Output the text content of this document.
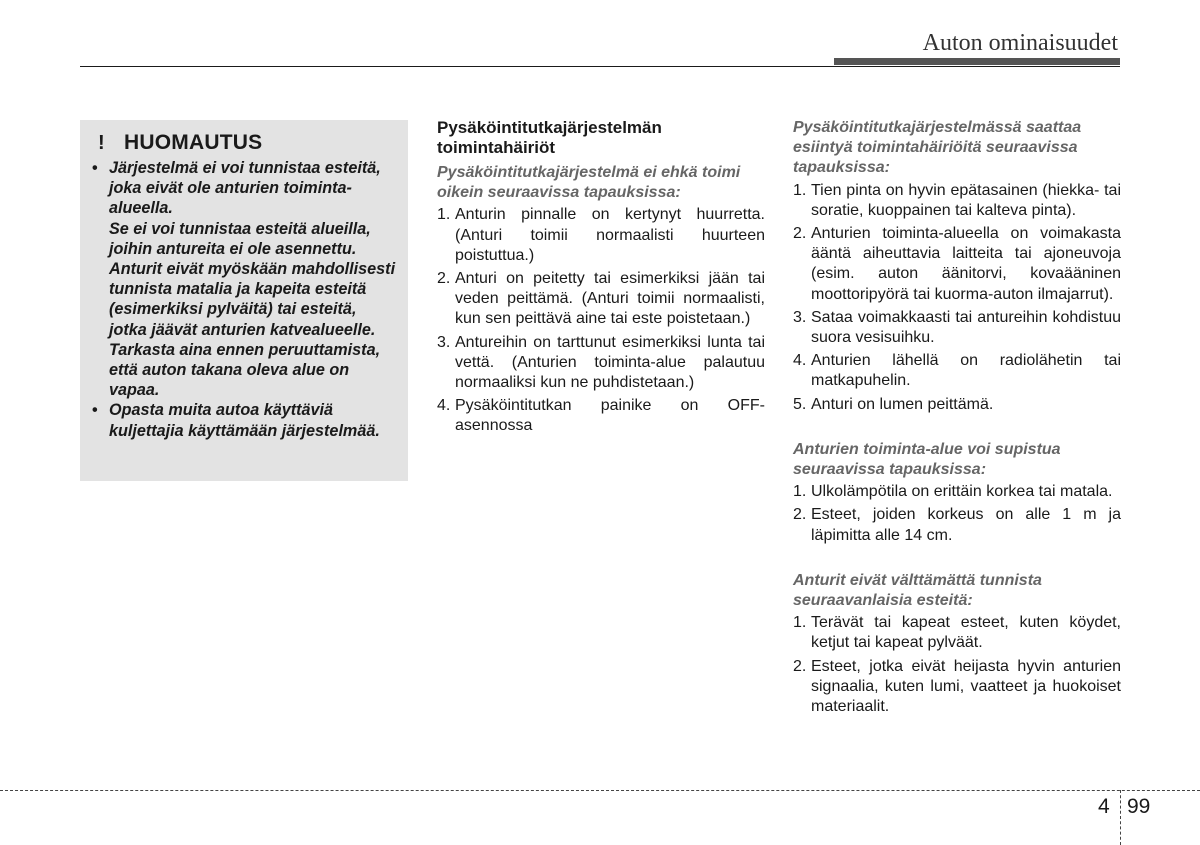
Auton ominaisuudet
! HUOMAUTUS
• Järjestelmä ei voi tunnistaa esteitä, joka eivät ole anturien toiminta-alueella.

Se ei voi tunnistaa esteitä alueilla, joihin antureita ei ole asennettu. Anturit eivät myöskään mahdollisesti tunnista matalia ja kapeita esteitä (esimerkiksi pylväitä) tai esteitä, jotka jäävät anturien katvealueelle.

Tarkasta aina ennen peruuttamista, että auton takana oleva alue on vapaa.

• Opasta muita autoa käyttäviä kuljettajia käyttämään järjestelmää.

Pysäköintitutkajärjestelmän toimintahäiriöt
Pysäköintitutkajärjestelmä ei ehkä toimi oikein seuraavissa tapauksissa:
1. Anturin pinnalle on kertynyt huurretta. (Anturi toimii normaalisti huurteen poistuttua.)
2. Anturi on peitetty tai esimerkiksi jään tai veden peittämä. (Anturi toimii normaalisti, kun sen peittävä aine tai este poistetaan.)
3. Antureihin on tarttunut esimerkiksi lunta tai vettä. (Anturien toiminta-alue palautuu normaaliksi kun ne puhdistetaan.)
4. Pysäköintitutkan painike on OFF-asennossa
Pysäköintitutkajärjestelmässä saattaa esiintyä toimintahäiriöitä seuraavissa tapauksissa:
1. Tien pinta on hyvin epätasainen (hiekka- tai soratie, kuoppainen tai kalteva pinta).
2. Anturien toiminta-alueella on voimakasta ääntä aiheuttavia laitteita tai ajoneuvoja (esim. auton äänitorvi, kovaääninen moottoripyörä tai kuorma-auton ilmajarrut).
3. Sataa voimakkaasti tai antureihin kohdistuu suora vesisuihku.
4. Anturien lähellä on radiolähetin tai matkapuhelin.
5. Anturi on lumen peittämä.
Anturien toiminta-alue voi supistua seuraavissa tapauksissa:
1. Ulkolämpötila on erittäin korkea tai matala.
2. Esteet, joiden korkeus on alle 1 m ja läpimitta alle 14 cm.
Anturit eivät välttämättä tunnista seuraavanlaisia esteitä:
1. Terävät tai kapeat esteet, kuten köydet, ketjut tai kapeat pylväät.
2. Esteet, jotka eivät heijasta hyvin anturien signaalia, kuten lumi, vaatteet ja huokoiset materiaalit.
4 99
